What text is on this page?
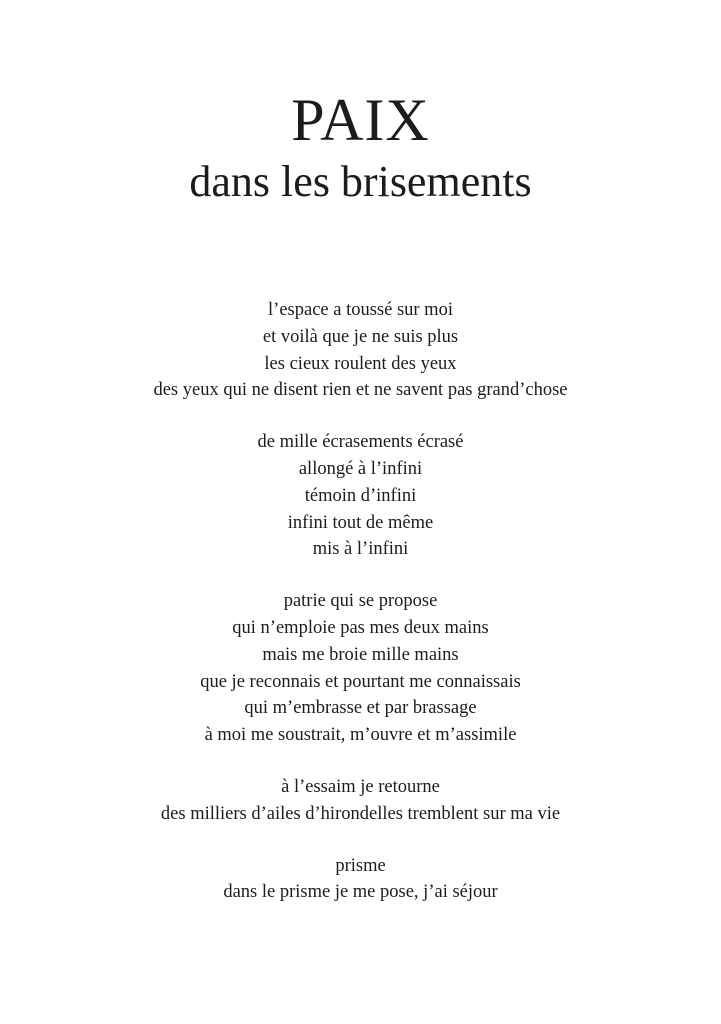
PAIX
dans les brisements
l’espace a toussé sur moi
et voilà que je ne suis plus
les cieux roulent des yeux
des yeux qui ne disent rien et ne savent pas grand’chose
de mille écrasements écrasé
allongé à l’infini
témoin d’infini
infini tout de même
mis à l’infini
patrie qui se propose
qui n’emploie pas mes deux mains
mais me broie mille mains
que je reconnais et pourtant me connaissais
qui m’embrasse et par brassage
à moi me soustrait, m’ouvre et m’assimile
à l’essaim je retourne
des milliers d’ailes d’hirondelles tremblent sur ma vie
prisme
dans le prisme je me pose, j’ai séjour
